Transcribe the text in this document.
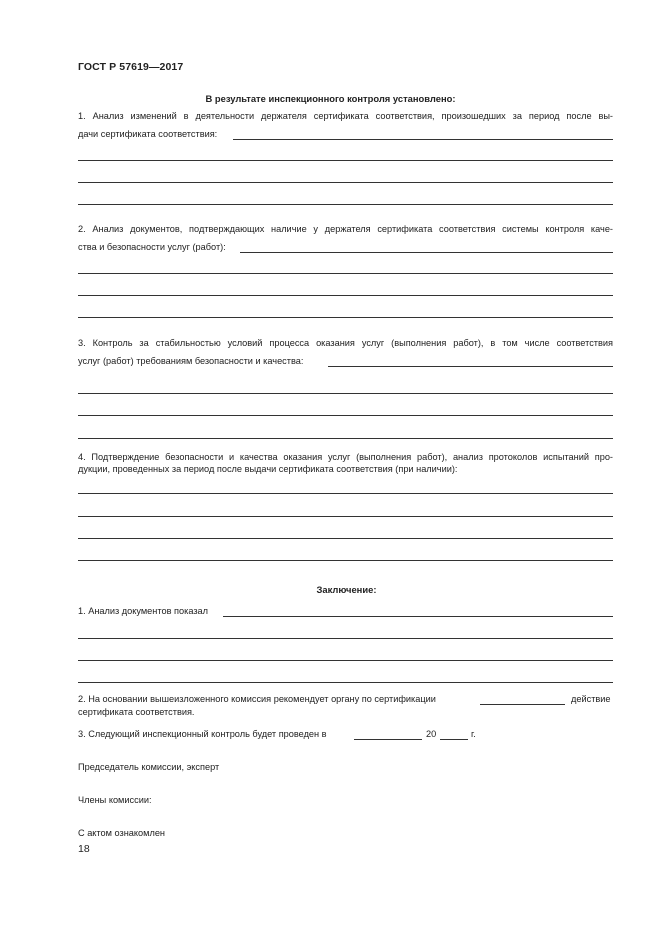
ГОСТ Р 57619—2017
В результате инспекционного контроля установлено:
1. Анализ изменений в деятельности держателя сертификата соответствия, произошедших за период после вы-
дачи сертификата соответствия:
2. Анализ документов, подтверждающих наличие у держателя сертификата соответствия системы контроля каче-
ства и безопасности услуг (работ):
3. Контроль за стабильностью условий процесса оказания услуг (выполнения работ), в том числе соответствия
услуг (работ) требованиям безопасности и качества:
4. Подтверждение безопасности и качества оказания услуг (выполнения работ), анализ протоколов испытаний про-
дукции, проведенных за период после выдачи сертификата соответствия (при наличии):
Заключение:
1. Анализ документов показал
2. На основании вышеизложенного комиссия рекомендует органу по сертификации	действие
сертификата соответствия.
3. Следующий инспекционный контроль будет проведен в	20	г.
Председатель комиссии, эксперт
Члены комиссии:
С актом ознакомлен
18
